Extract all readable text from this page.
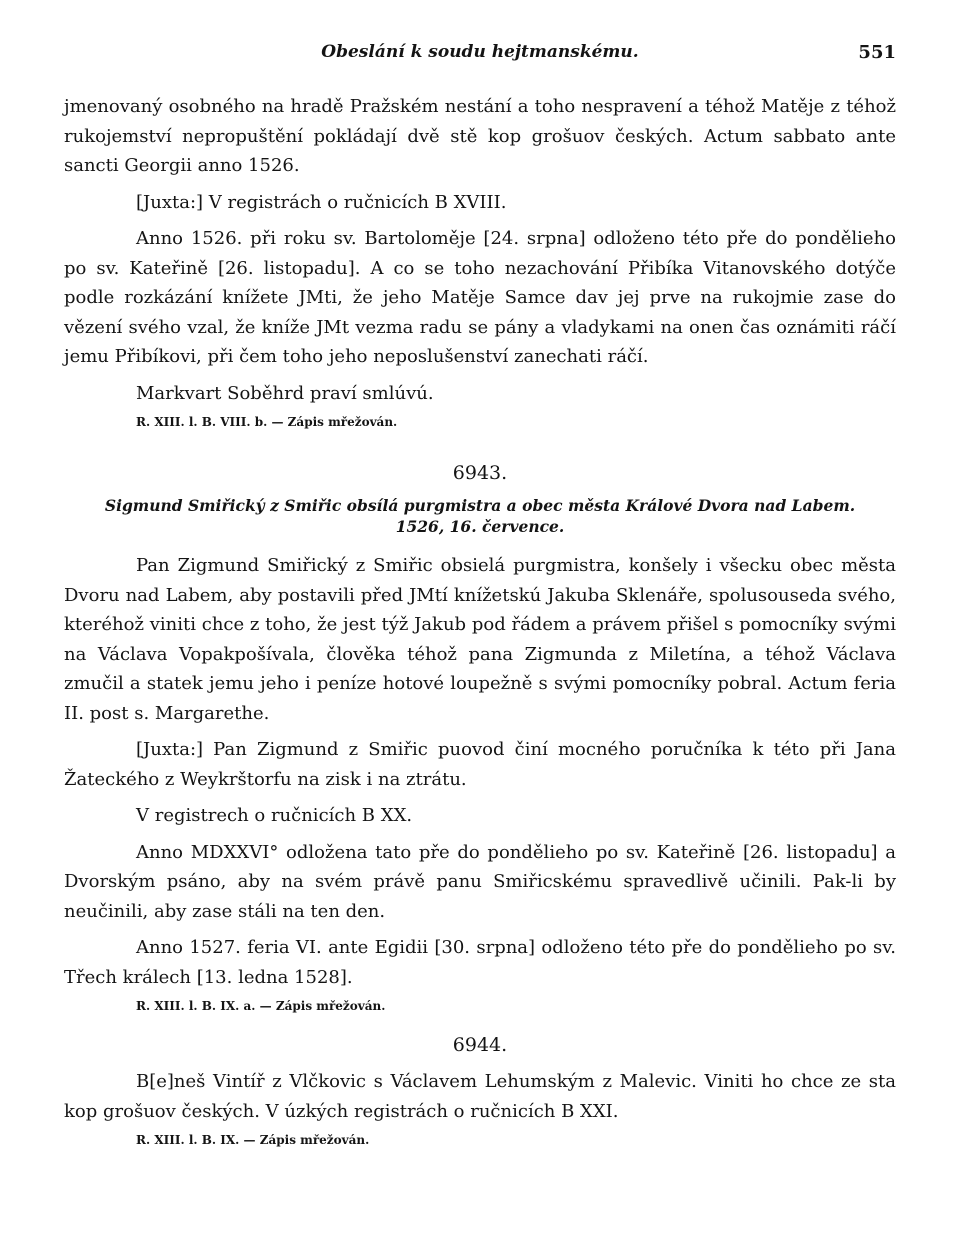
Obeslání k soudu hejtmanskému.	551

jmenovaný osobného na hradě Pražském nestání a toho nespravení a téhož Matěje z téhož rukojemství nepropuštění pokládají dvě stě kop grošuov českých. Actum sabbato ante sancti Georgii anno 1526.

[Juxta:] V registrách o ručnicích B XVIII.

Anno 1526. při roku sv. Bartoloměje [24. srpna] odloženo této pře do pondělieho po sv. Kateřině [26. listopadu]. A co se toho nezachování Přibíka Vitanovského dotýče podle rozkázání knížete JMti, že jeho Matěje Samce dav jej prve na rukojmie zase do vězení svého vzal, že kníže JMt vezma radu se pány a vladykami na onen čas oznámiti ráčí jemu Přibíkovi, při čem toho jeho neposlušenství zanechati ráčí.

Markvart Soběhrd praví smlúvú.

R. XIII. l. B. VIII. b. — Zápis mřežován.
6943.
Sigmund Smiřický z Smiřic obsílá purgmistra a obec města Králové Dvora nad Labem.
1526, 16. července.

Pan Zigmund Smiřický z Smiřic obsielá purgmistra, konšely i všecku obec města Dvoru nad Labem, aby postavili před JMtí knížetskú Jakuba Sklenáře, spolusouseda svého, kteréhož viniti chce z toho, že jest týž Jakub pod řádem a právem přišel s pomocníky svými na Václava Vopakpošívala, člověka téhož pana Zigmunda z Miletína, a téhož Václava zmučil a statek jemu jeho i peníze hotové loupežně s svými pomocníky pobral. Actum feria II. post s. Margarethe.

[Juxta:] Pan Zigmund z Smiřic puovod činí mocného poručníka k této při Jana Žateckého z Weykrštorfu na zisk i na ztrátu.

V registrech o ručnicích B XX.

Anno MDXXVI° odložena tato pře do pondělieho po sv. Kateřině [26. listopadu] a Dvorským psáno, aby na svém právě panu Smiřicskému spravedlivě učinili. Pak-li by neučinili, aby zase stáli na ten den.

Anno 1527. feria VI. ante Egidii [30. srpna] odloženo této pře do pondělieho po sv. Třech králech [13. ledna 1528].

R. XIII. l. B. IX. a. — Zápis mřežován.
6944.

B[e]neš Vintíř z Vlčkovic s Václavem Lehumským z Malevic. Viniti ho chce ze sta kop grošuov českých. V úzkých registrách o ručnicích B XXI.

R. XIII. l. B. IX. — Zápis mřežován.
